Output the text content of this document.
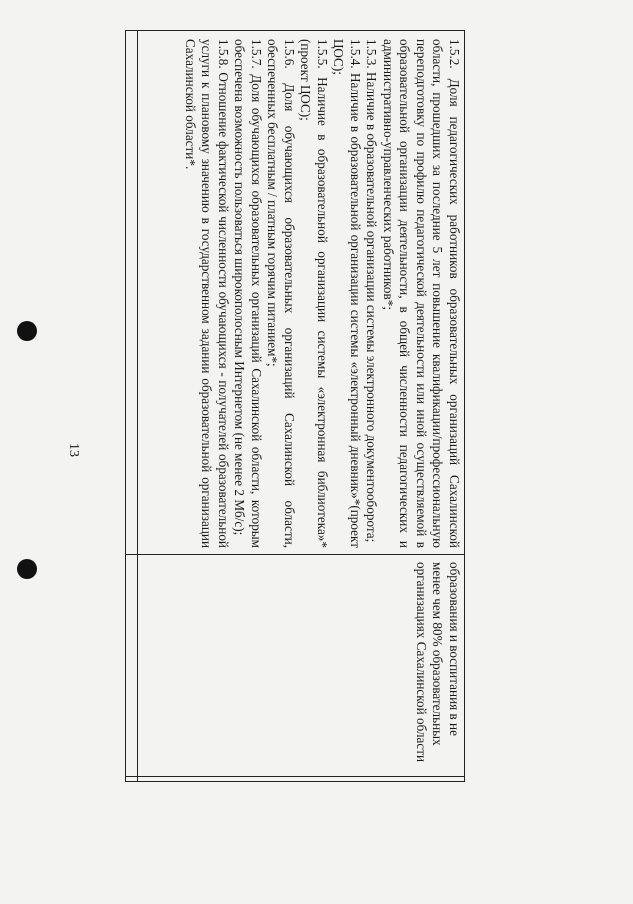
13	1.5.2. Доля педагогических работников образовательных организаций Сахалинской области, прошедших за последние 5 лет повышение квалификации/профессиональную переподготовку по профилю педагогической деятельности или иной осуществляемой в образовательной организации деятельности, в общей численности педагогических и административно-управленческих работников*;
1.5.3. Наличие в образовательной организации системы электронного документооборота;
1.5.4. Наличие в образовательной организации системы «электронный дневник»*(проект ЦОС);
1.5.5. Наличие в образовательной организации системы «электронная библиотека»*(проект ЦОС);
1.5.6. Доля обучающихся образовательных организаций Сахалинской области, обеспеченных бесплатным / платным горячим питанием*;
1.5.7. Доля обучающихся образовательных организаций Сахалинской области, которым обеспечена возможность пользоваться широкополосным Интернетом (не менее 2 Мб/с);
1.5.8. Отношение фактической численности обучающихся - получателей образовательной услуги к плановому значению в государственном задании образовательной организации Сахалинской области*.
образования и воспитания в не менее чем 80% образовательных организациях Сахалинской области
